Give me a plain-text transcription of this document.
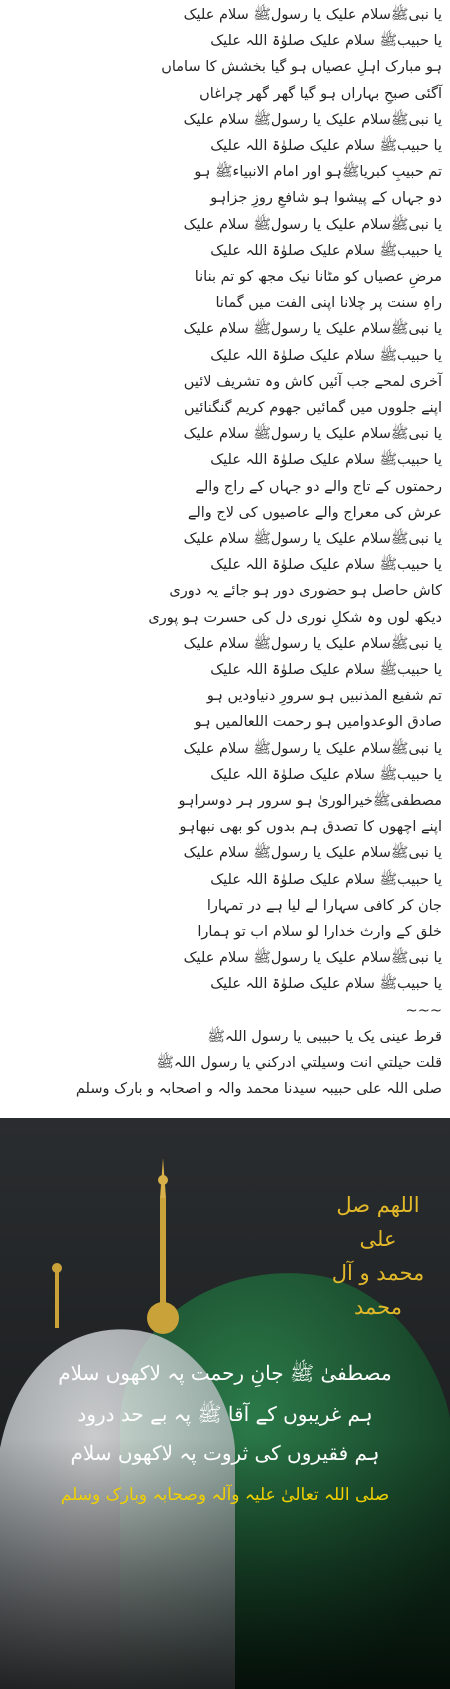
یا نبیﷺسلام علیک یا رسولﷺ سلام علیک
یا حبیبﷺ سلام علیک صلوٰۃ اللہ علیک
ہو مبارک اہلِ عصیاں ہو گیا بخشش کا ساماں
آگئی صبحِ بہاراں ہو گیا گھر گھر چراغاں
یا نبیﷺسلام علیک یا رسولﷺ سلام علیک
یا حبیبﷺ سلام علیک صلوٰۃ اللہ علیک
تم حبیبِ کبریاﷺہو اور امام الانبیاءﷺ ہو
دو جہاں کے پیشوا ہو شافعِ روزِ جزاہو
یا نبیﷺسلام علیک یا رسولﷺ سلام علیک
یا حبیبﷺ سلام علیک صلوٰۃ اللہ علیک
مرضِ عصیاں کو مٹانا نیک مجھ کو تم بنانا
راہِ سنت پر چلانا اپنی الفت میں گمانا
یا نبیﷺسلام علیک یا رسولﷺ سلام علیک
یا حبیبﷺ سلام علیک صلوٰۃ اللہ علیک
آخری لمحے جب آئیں کاش وہ تشریف لائیں
اپنے جلووں میں گمائیں جھوم کریم گنگنائیں
یا نبیﷺسلام علیک یا رسولﷺ سلام علیک
یا حبیبﷺ سلام علیک صلوٰۃ اللہ علیک
رحمتوں کے تاج والے دو جہاں کے راج والے
عرش کی معراج والے عاصیوں کی لاج والے
یا نبیﷺسلام علیک یا رسولﷺ سلام علیک
یا حبیبﷺ سلام علیک صلوٰۃ اللہ علیک
کاش حاصل ہو حضوری دور ہو جائے یہ دوری
دیکھ لوں وہ شکلِ نوری دل کی حسرت ہو پوری
یا نبیﷺسلام علیک یا رسولﷺ سلام علیک
یا حبیبﷺ سلام علیک صلوٰۃ اللہ علیک
تم شفیع المذنبیں ہو سرورِ دنیاودیں ہو
صادق الوعدوامیں ہو رحمت اللعالمیں ہو
یا نبیﷺسلام علیک یا رسولﷺ سلام علیک
یا حبیبﷺ سلام علیک صلوٰۃ اللہ علیک
مصطفیﷺخیرالوریٰ ہو سرور ہر دوسراہو
اپنے اچھوں کا تصدق ہم بدوں کو بھی نبھاہو
یا نبیﷺسلام علیک یا رسولﷺ سلام علیک
یا حبیبﷺ سلام علیک صلوٰۃ اللہ علیک
جان کر کافی سہارا لے لیا ہے در تمہارا
خلق کے وارث خدارا لو سلام اب تو ہمارا
یا نبیﷺسلام علیک یا رسولﷺ سلام علیک
یا حبیبﷺ سلام علیک صلوٰۃ اللہ علیک
~~~
قرط عینی یک یا حبیبی یا رسول اللہﷺ
قلت حیلتي انت وسیلتي ادرکني یا رسول اللہﷺ
صلی اللہ علی حبیبہ سیدنا محمد والہ و اصحابہ و بارک وسلم
اللھم صل علی
محمد و آل محمد
مصطفیٰ ﷺ جانِ رحمت پہ لاکھوں سلام
ہم غریبوں کے آقا ﷺ پہ بے حد درود
ہم فقیروں کی ثروت پہ لاکھوں سلام
صلی اللہ تعالیٰ علیہ وآلہ وصحابہ وبارک وسلم
